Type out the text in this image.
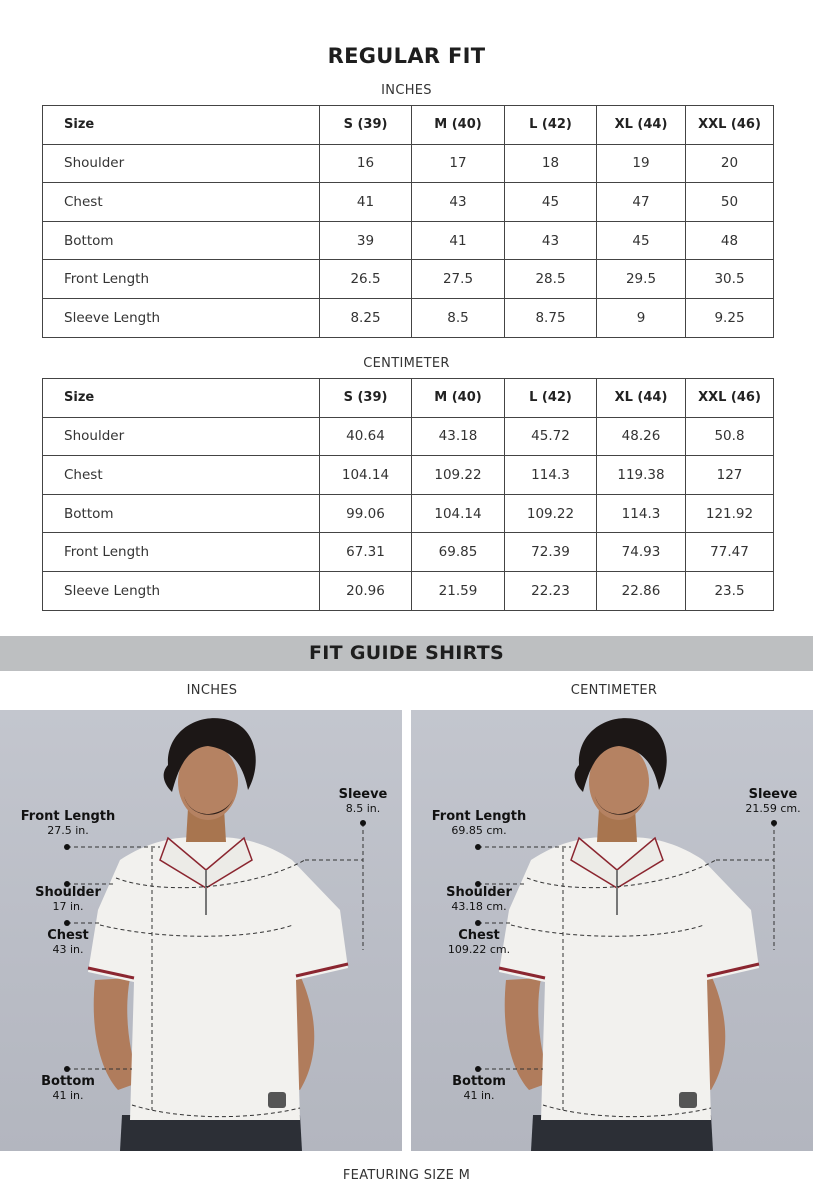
REGULAR FIT
INCHES
Size	S (39)	M (40)	L (42)	XL (44)	XXL (46)
Shoulder	16	17	18	19	20
Chest	41	43	45	47	50
Bottom	39	41	43	45	48
Front Length	26.5	27.5	28.5	29.5	30.5
Sleeve Length	8.25	8.5	8.75	9	9.25
CENTIMETER
Size	S (39)	M (40)	L (42)	XL (44)	XXL (46)
Shoulder	40.64	43.18	45.72	48.26	50.8
Chest	104.14	109.22	114.3	119.38	127
Bottom	99.06	104.14	109.22	114.3	121.92
Front Length	67.31	69.85	72.39	74.93	77.47
Sleeve Length	20.96	21.59	22.23	22.86	23.5
FIT GUIDE SHIRTS
INCHES	CENTIMETER
Front Length
27.5 in.
Shoulder
17 in.
Chest
43 in.
Bottom
41 in.
Sleeve
8.5 in.
Front Length
69.85 cm.
Shoulder
43.18 cm.
Chest
109.22 cm.
Bottom
41 in.
Sleeve
21.59 cm.
FEATURING SIZE M
